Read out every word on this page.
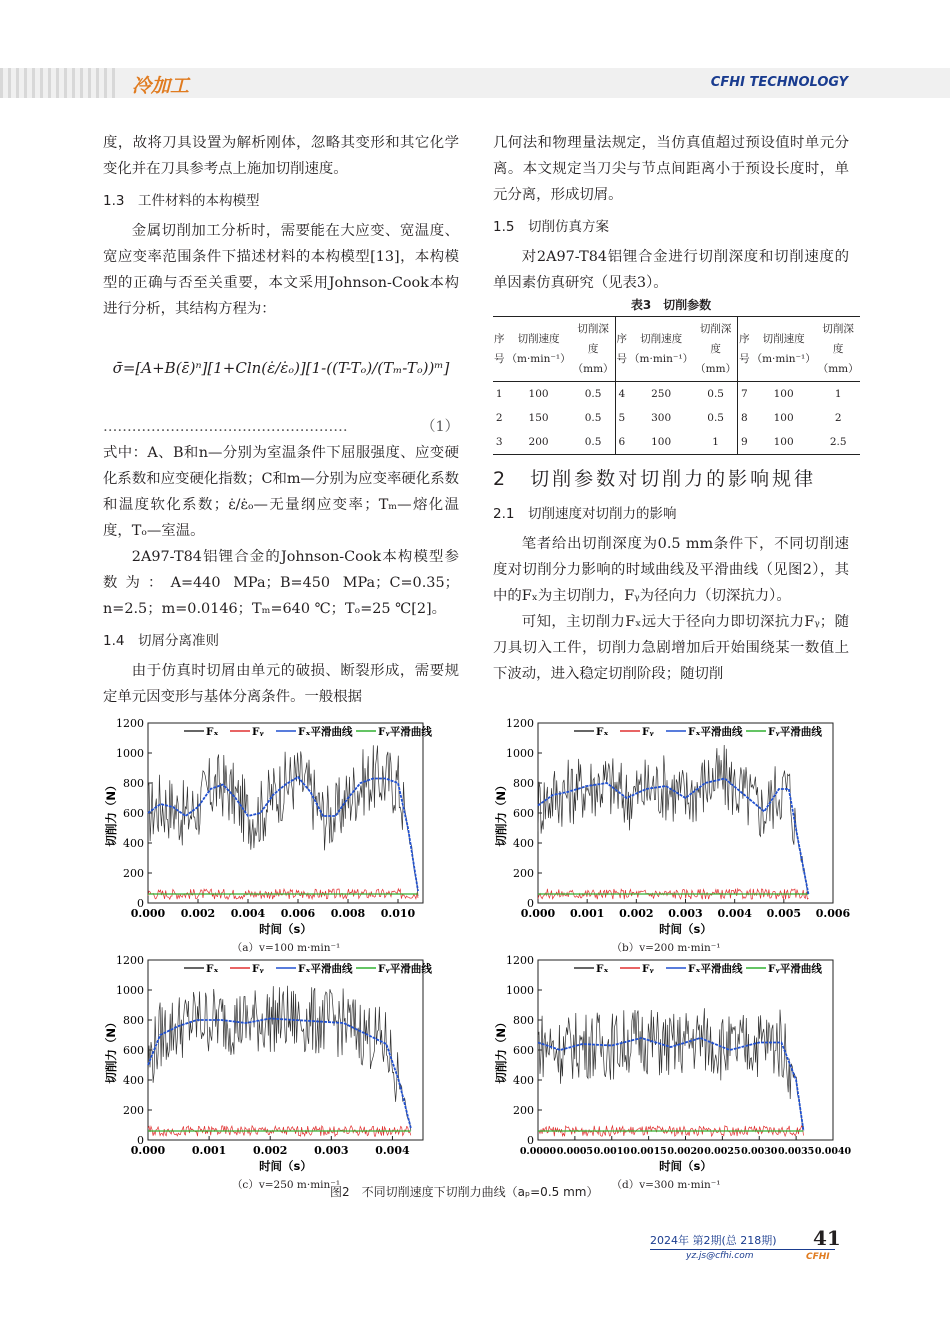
冷加工	CFHI TECHNOLOGY

度，故将刀具设置为解析刚体，忽略其变形和其它化学变化并在刀具参考点上施加切削速度。

1.3　工件材料的本构模型

金属切削加工分析时，需要能在大应变、宽温度、宽应变率范围条件下描述材料的本构模型[13]，本构模型的正确与否至关重要，本文采用Johnson-Cook本构进行分析，其结构方程为：

σ̄=[A+B(ε̄)ⁿ][1+Cln(ε̇/ε̇ₒ)][1-((T-Tₒ)/(Tₘ-Tₒ))ᵐ]
……………………………………………	（1）

式中：A、B和n—分别为室温条件下屈服强度、应变硬化系数和应变硬化指数；C和m—分别为应变率硬化系数和温度软化系数；ε̇/ε̇ₒ—无量纲应变率；Tₘ—熔化温度，Tₒ—室温。

2A97-T84铝锂合金的Johnson-Cook本构模型参数为：A=440 MPa；B=450 MPa；C=0.35；n=2.5；m=0.0146；Tₘ=640 ℃；Tₒ=25 ℃[2]。

1.4　切屑分离准则

由于仿真时切屑由单元的破损、断裂形成，需要规定单元因变形与基体分离条件。一般根据

几何法和物理量法规定，当仿真值超过预设值时单元分离。本文规定当刀尖与节点间距离小于预设长度时，单元分离，形成切屑。

1.5　切削仿真方案

对2A97-T84铝锂合金进行切削深度和切削速度的单因素仿真研究（见表3）。

表3　切削参数
序号	切削速度（m·min⁻¹）	切削深度（mm）	序号	切削速度（m·min⁻¹）	切削深度（mm）	序号	切削速度（m·min⁻¹）	切削深度（mm）
1	100	0.5	4	250	0.5	7	100	1
2	150	0.5	5	300	0.5	8	100	2
3	200	0.5	6	100	1	9	100	2.5
2　切削参数对切削力的影响规律
2.1　切削速度对切削力的影响

笔者给出切削深度为0.5 mm条件下，不同切削速度对切削分力影响的时域曲线及平滑曲线（见图2），其中的Fₓ为主切削力，Fᵧ为径向力（切深抗力）。

可知，主切削力Fₓ远大于径向力即切深抗力Fᵧ；随刀具切入工件，切削力急剧增加后开始围绕某一数值上下波动，进入稳定切削阶段；随切削

0
200
400
600
800
1000
1200
0.000 0.002 0.004 0.006 0.008 0.010
时间（s）
切削力（N）
Fₓ	Fᵧ	Fₓ平滑曲线 Fᵧ平滑曲线
0
200
400
600
800
1000
1200
0.000 0.001 0.002 0.003 0.004 0.005 0.006
时间（s）
切削力（N）
Fₓ	Fᵧ	Fₓ平滑曲线 Fᵧ平滑曲线
0
200
400
600
800
1000
1200
0.000 0.001 0.002 0.003 0.004
时间（s）
切削力（N）
Fₓ	Fᵧ	Fₓ平滑曲线 Fᵧ平滑曲线
0
200
400
600
800
1000
1200
0.0000 0.0005 0.0010 0.0015 0.0020 0.0025 0.0030 0.0035 0.0040
时间（s）
切削力（N）
Fₓ	Fᵧ	Fₓ平滑曲线 Fᵧ平滑曲线
（a）v=100 m·min⁻¹	（b）v=200 m·min⁻¹
（c）v=250 m·min⁻¹	（d）v=300 m·min⁻¹
图2　不同切削速度下切削力曲线（aₚ=0.5 mm）
2024年 第2期(总 218期) 41
yz.js@cfhi.com	CFHI
